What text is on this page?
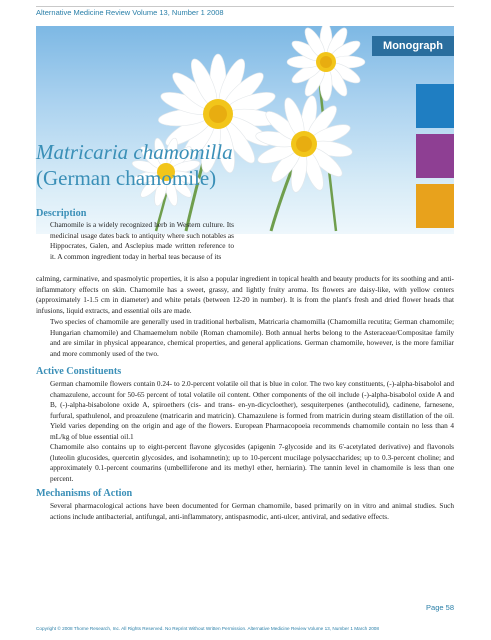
Alternative Medicine Review Volume 13, Number 1 2008
Monograph
Matricaria chamomilla
(German chamomile)
Description
Chamomile is a widely recognized herb in Western culture. Its medicinal usage dates back to antiquity where such notables as Hippocrates, Galen, and Asclepius made written reference to it. A common ingredient today in herbal teas because of its
calming, carminative, and spasmolytic properties, it is also a popular ingredient in topical health and beauty products for its soothing and anti-inflammatory effects on skin. Chamomile has a sweet, grassy, and lightly fruity aroma. Its flowers are daisy-like, with yellow centers (approximately 1-1.5 cm in diameter) and white petals (between 12-20 in number). It is from the plant's fresh and dried flower heads that infusions, liquid extracts, and essential oils are made.
Two species of chamomile are generally used in traditional herbalism, Matricaria chamomilla (Chamomilla recutita; German chamomile; Hungarian chamomile) and Chamaemelum nobile (Roman chamomile). Both annual herbs belong to the Asteraceae/Compositae family and are similar in physical appearance, chemical properties, and general applications. German chamomile, however, is the more familiar and more commonly used of the two.
Active Constituents
German chamomile flowers contain 0.24- to 2.0-percent volatile oil that is blue in color. The two key constituents, (-)-alpha-bisabolol and chamazulene, account for 50-65 percent of total volatile oil content. Other components of the oil include (-)-alpha-bisabolol oxide A and B, (-)-alpha-bisabolone oxide A, spiroethers (cis- and trans- en-yn-dicycloether), sesquiterpenes (anthecotulid), cadinene, farnesene, furfural, spathulenol, and proazulene (matricarin and matricin). Chamazulene is formed from matricin during steam distillation of the oil. Yield varies depending on the origin and age of the flowers. European Pharmacopoeia recommends chamomile contain no less than 4 mL/kg of blue essential oil.1
Chamomile also contains up to eight-percent flavone glycosides (apigenin 7-glycoside and its 6'-acetylated derivative) and flavonols (luteolin glucosides, quercetin glycosides, and isohamnetin); up to 10-percent mucilage polysaccharides; up to 0.3-percent choline; and approximately 0.1-percent coumarins (umbelliferone and its methyl ether, herniarin). The tannin level in chamomile is less than one percent.
Mechanisms of Action
Several pharmacological actions have been documented for German chamomile, based primarily on in vitro and animal studies. Such actions include antibacterial, antifungal, anti-inflammatory, antispasmodic, anti-ulcer, antiviral, and sedative effects.
Page 58
Copyright © 2008 Thorne Research, Inc. All Rights Reserved. No Reprint Without Written Permission. Alternative Medicine Review Volume 13, Number 1 March 2008
